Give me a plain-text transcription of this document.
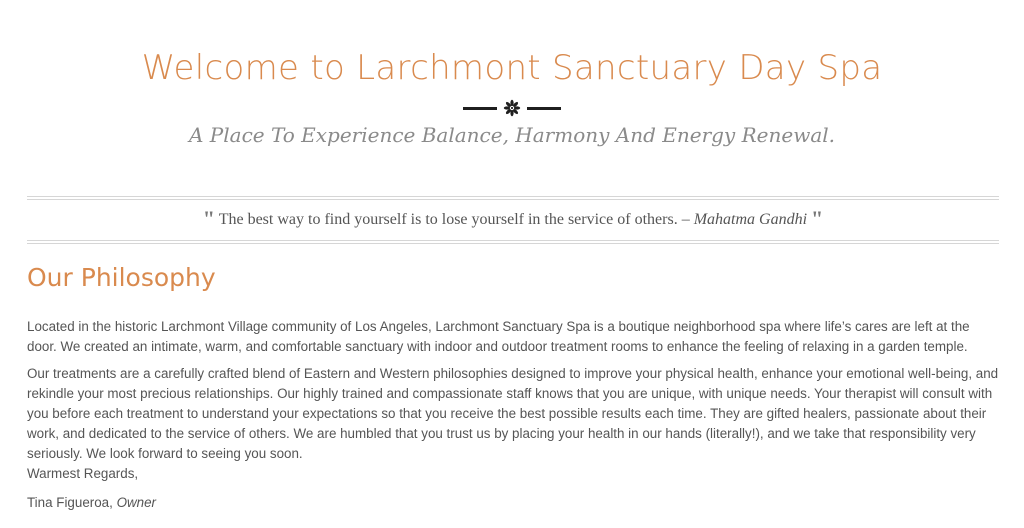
Welcome to Larchmont Sanctuary Day Spa
A Place To Experience Balance, Harmony And Energy Renewal.
" The best way to find yourself is to lose yourself in the service of others. – Mahatma Gandhi "
Our Philosophy

Located in the historic Larchmont Village community of Los Angeles, Larchmont Sanctuary Spa is a boutique neighborhood spa where life’s cares are left at the door. We created an intimate, warm, and comfortable sanctuary with indoor and outdoor treatment rooms to enhance the feeling of relaxing in a garden temple.

Our treatments are a carefully crafted blend of Eastern and Western philosophies designed to improve your physical health, enhance your emotional well-being, and rekindle your most precious relationships. Our highly trained and compassionate staff knows that you are unique, with unique needs. Your therapist will consult with you before each treatment to understand your expectations so that you receive the best possible results each time. They are gifted healers, passionate about their work, and dedicated to the service of others. We are humbled that you trust us by placing your health in our hands (literally!), and we take that responsibility very seriously. We look forward to seeing you soon.

Warmest Regards,

Tina Figueroa, Owner
